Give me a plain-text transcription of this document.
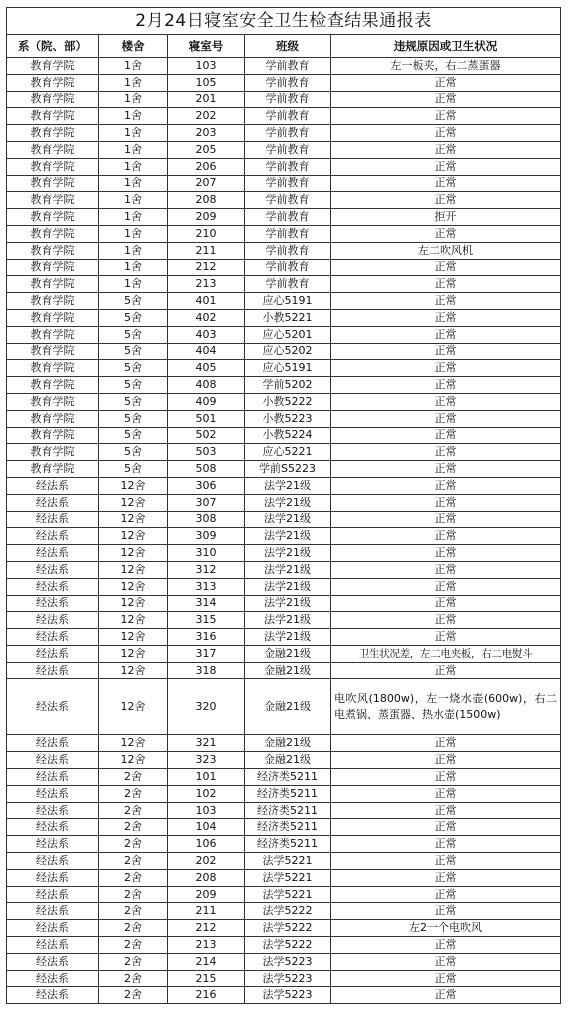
2月24日寝室安全卫生检查结果通报表				
系（院、部）	楼舍	寝室号	班级	违规原因或卫生状况
教育学院	1舍	103	学前教育	左一板夹，右二蒸蛋器
教育学院	1舍	105	学前教育	正常
教育学院	1舍	201	学前教育	正常
教育学院	1舍	202	学前教育	正常
教育学院	1舍	203	学前教育	正常
教育学院	1舍	205	学前教育	正常
教育学院	1舍	206	学前教育	正常
教育学院	1舍	207	学前教育	正常
教育学院	1舍	208	学前教育	正常
教育学院	1舍	209	学前教育	拒开
教育学院	1舍	210	学前教育	正常
教育学院	1舍	211	学前教育	左二吹风机
教育学院	1舍	212	学前教育	正常
教育学院	1舍	213	学前教育	正常
教育学院	5舍	401	应心5191	正常
教育学院	5舍	402	小教5221	正常
教育学院	5舍	403	应心5201	正常
教育学院	5舍	404	应心5202	正常
教育学院	5舍	405	应心5191	正常
教育学院	5舍	408	学前5202	正常
教育学院	5舍	409	小教5222	正常
教育学院	5舍	501	小教5223	正常
教育学院	5舍	502	小教5224	正常
教育学院	5舍	503	应心5221	正常
教育学院	5舍	508	学前S5223	正常
经法系	12舍	306	法学21级	正常
经法系	12舍	307	法学21级	正常
经法系	12舍	308	法学21级	正常
经法系	12舍	309	法学21级	正常
经法系	12舍	310	法学21级	正常
经法系	12舍	312	法学21级	正常
经法系	12舍	313	法学21级	正常
经法系	12舍	314	法学21级	正常
经法系	12舍	315	法学21级	正常
经法系	12舍	316	法学21级	正常
经法系	12舍	317	金融21级	卫生状况差，左二电夹板，右二电熨斗
经法系	12舍	318	金融21级	正常
经法系	12舍	320	金融21级	电吹风(1800w)，左一烧水壶(600w)，右二电煮锅、蒸蛋器、热水壶(1500w)
经法系	12舍	321	金融21级	正常
经法系	12舍	323	金融21级	正常
经法系	2舍	101	经济类5211	正常
经法系	2舍	102	经济类5211	正常
经法系	2舍	103	经济类5211	正常
经法系	2舍	104	经济类5211	正常
经法系	2舍	106	经济类5211	正常
经法系	2舍	202	法学5221	正常
经法系	2舍	208	法学5221	正常
经法系	2舍	209	法学5221	正常
经法系	2舍	211	法学5222	正常
经法系	2舍	212	法学5222	左2一个电吹风
经法系	2舍	213	法学5222	正常
经法系	2舍	214	法学5223	正常
经法系	2舍	215	法学5223	正常
经法系	2舍	216	法学5223	正常
